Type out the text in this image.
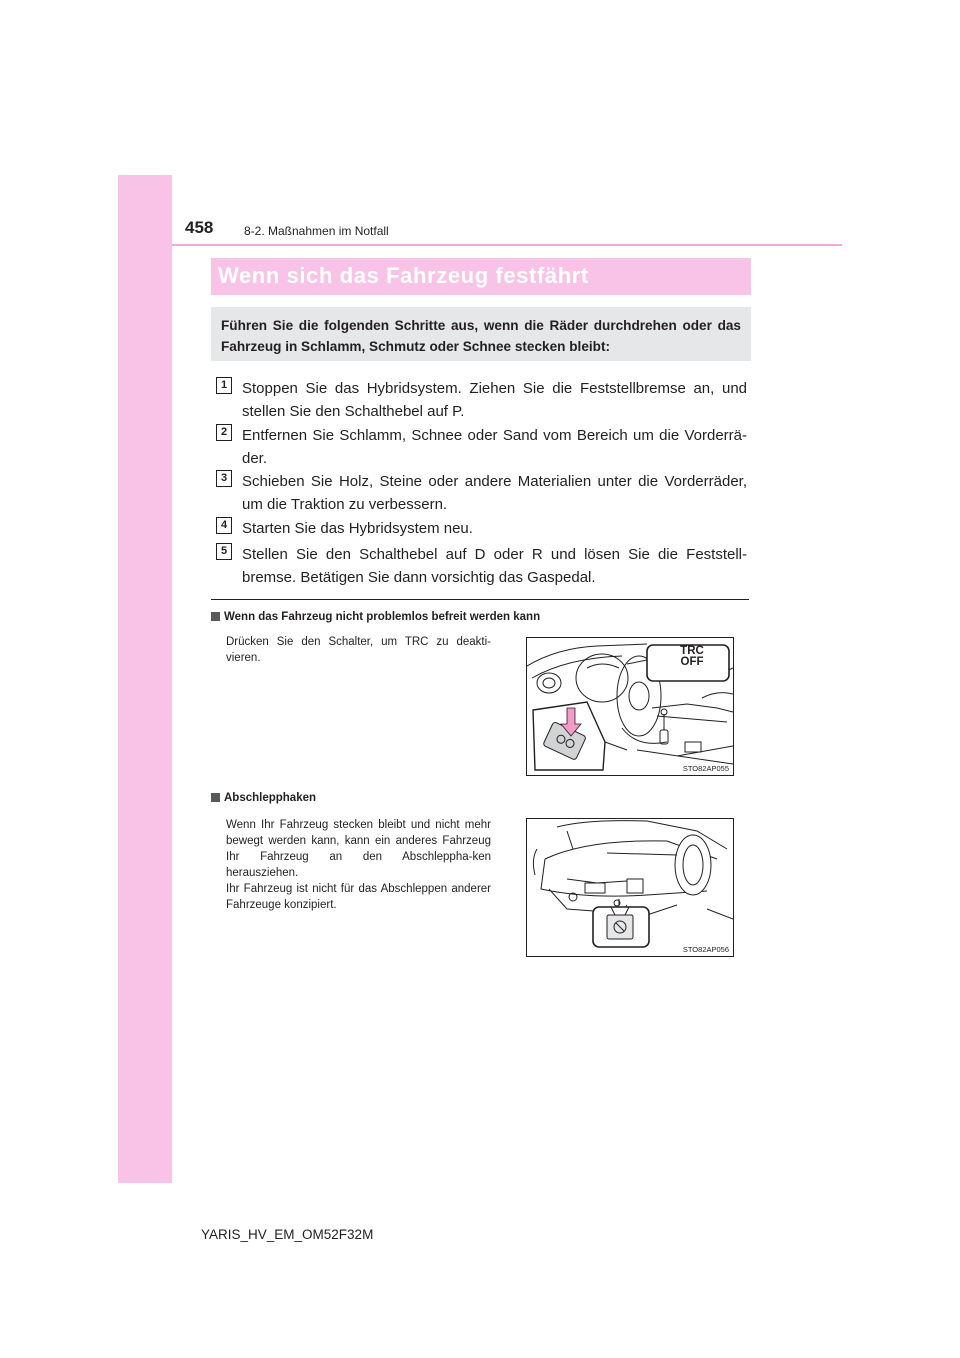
458	8-2. Maßnahmen im Notfall
Wenn sich das Fahrzeug festfährt

Führen Sie die folgenden Schritte aus, wenn die Räder durchdrehen oder das Fahrzeug in Schlamm, Schmutz oder Schnee stecken bleibt:

1 Stoppen Sie das Hybridsystem. Ziehen Sie die Feststellbremse an, und stellen Sie den Schalthebel auf P.

2 Entfernen Sie Schlamm, Schnee oder Sand vom Bereich um die Vorderrä-der.

3 Schieben Sie Holz, Steine oder andere Materialien unter die Vorderräder, um die Traktion zu verbessern.

4 Starten Sie das Hybridsystem neu.

5 Stellen Sie den Schalthebel auf D oder R und lösen Sie die Feststell-bremse. Betätigen Sie dann vorsichtig das Gaspedal.

Wenn das Fahrzeug nicht problemlos befreit werden kann

Drücken Sie den Schalter, um TRC zu deakti-vieren.

TRC
OFF
STO82AP055
Abschlepphaken

Wenn Ihr Fahrzeug stecken bleibt und nicht mehr bewegt werden kann, kann ein anderes Fahrzeug Ihr Fahrzeug an den Abschleppha-ken herausziehen.
Ihr Fahrzeug ist nicht für das Abschleppen anderer Fahrzeuge konzipiert.

STO82AP056
YARIS_HV_EM_OM52F32M
